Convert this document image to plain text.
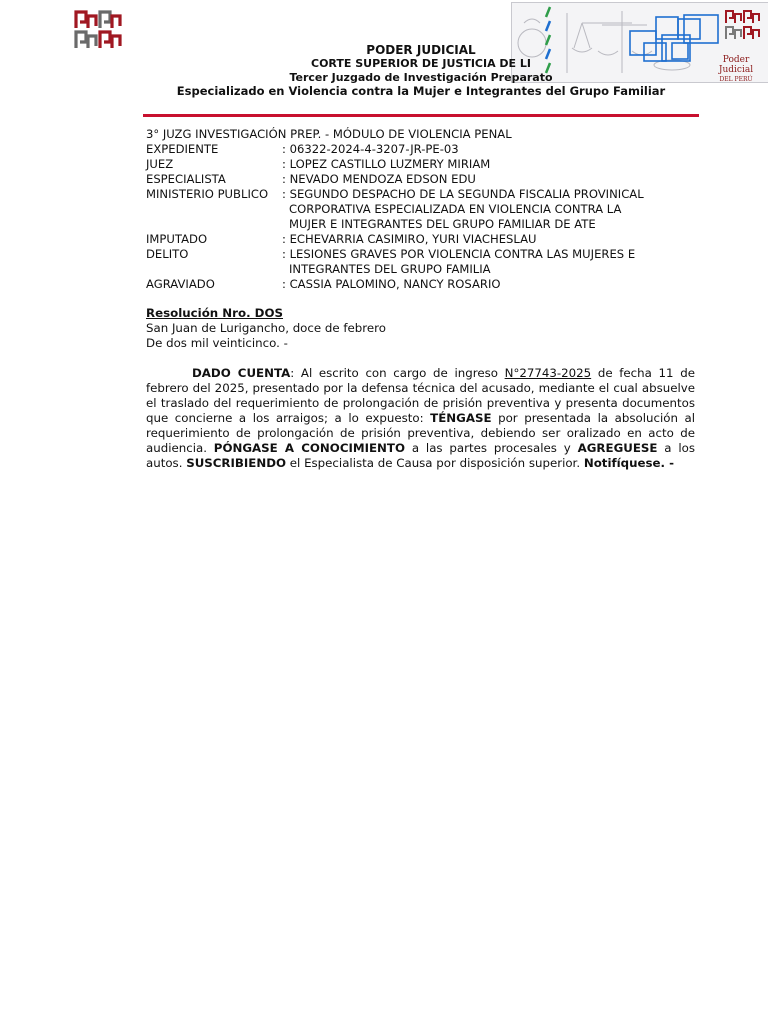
Poder Judicial
DEL PERÚ
PODER JUDICIAL
CORTE SUPERIOR DE JUSTICIA DE LI
Tercer Juzgado de Investigación Preparato
Especializado en Violencia contra la Mujer e Integrantes del Grupo Familiar
3° JUZG INVESTIGACIÓN PREP. - MÓDULO DE VIOLENCIA PENAL
EXPEDIENTE	: 06322-2024-4-3207-JR-PE-03
JUEZ	: LOPEZ CASTILLO LUZMERY MIRIAM
ESPECIALISTA	: NEVADO MENDOZA EDSON EDU
MINISTERIO PUBLICO	: SEGUNDO DESPACHO DE LA SEGUNDA FISCALIA PROVINICAL
CORPORATIVA ESPECIALIZADA EN VIOLENCIA CONTRA LA
MUJER E INTEGRANTES DEL GRUPO FAMILIAR DE ATE
IMPUTADO	: ECHEVARRIA CASIMIRO, YURI VIACHESLAU
DELITO	: LESIONES GRAVES POR VIOLENCIA CONTRA LAS MUJERES E
INTEGRANTES DEL GRUPO FAMILIA
AGRAVIADO	: CASSIA PALOMINO, NANCY ROSARIO
Resolución Nro. DOS
San Juan de Lurigancho, doce de febrero
De dos mil veinticinco. -
DADO CUENTA: Al escrito con cargo de ingreso N°27743-2025 de fecha 11 de febrero del 2025, presentado por la defensa técnica del acusado, mediante el cual absuelve el traslado del requerimiento de prolongación de prisión preventiva y presenta documentos que concierne a los arraigos; a lo expuesto: TÉNGASE por presentada la absolución al requerimiento de prolongación de prisión preventiva, debiendo ser oralizado en acto de audiencia. PÓNGASE A CONOCIMIENTO a las partes procesales y AGREGUESE a los autos. SUSCRIBIENDO el Especialista de Causa por disposición superior. Notifíquese. -
